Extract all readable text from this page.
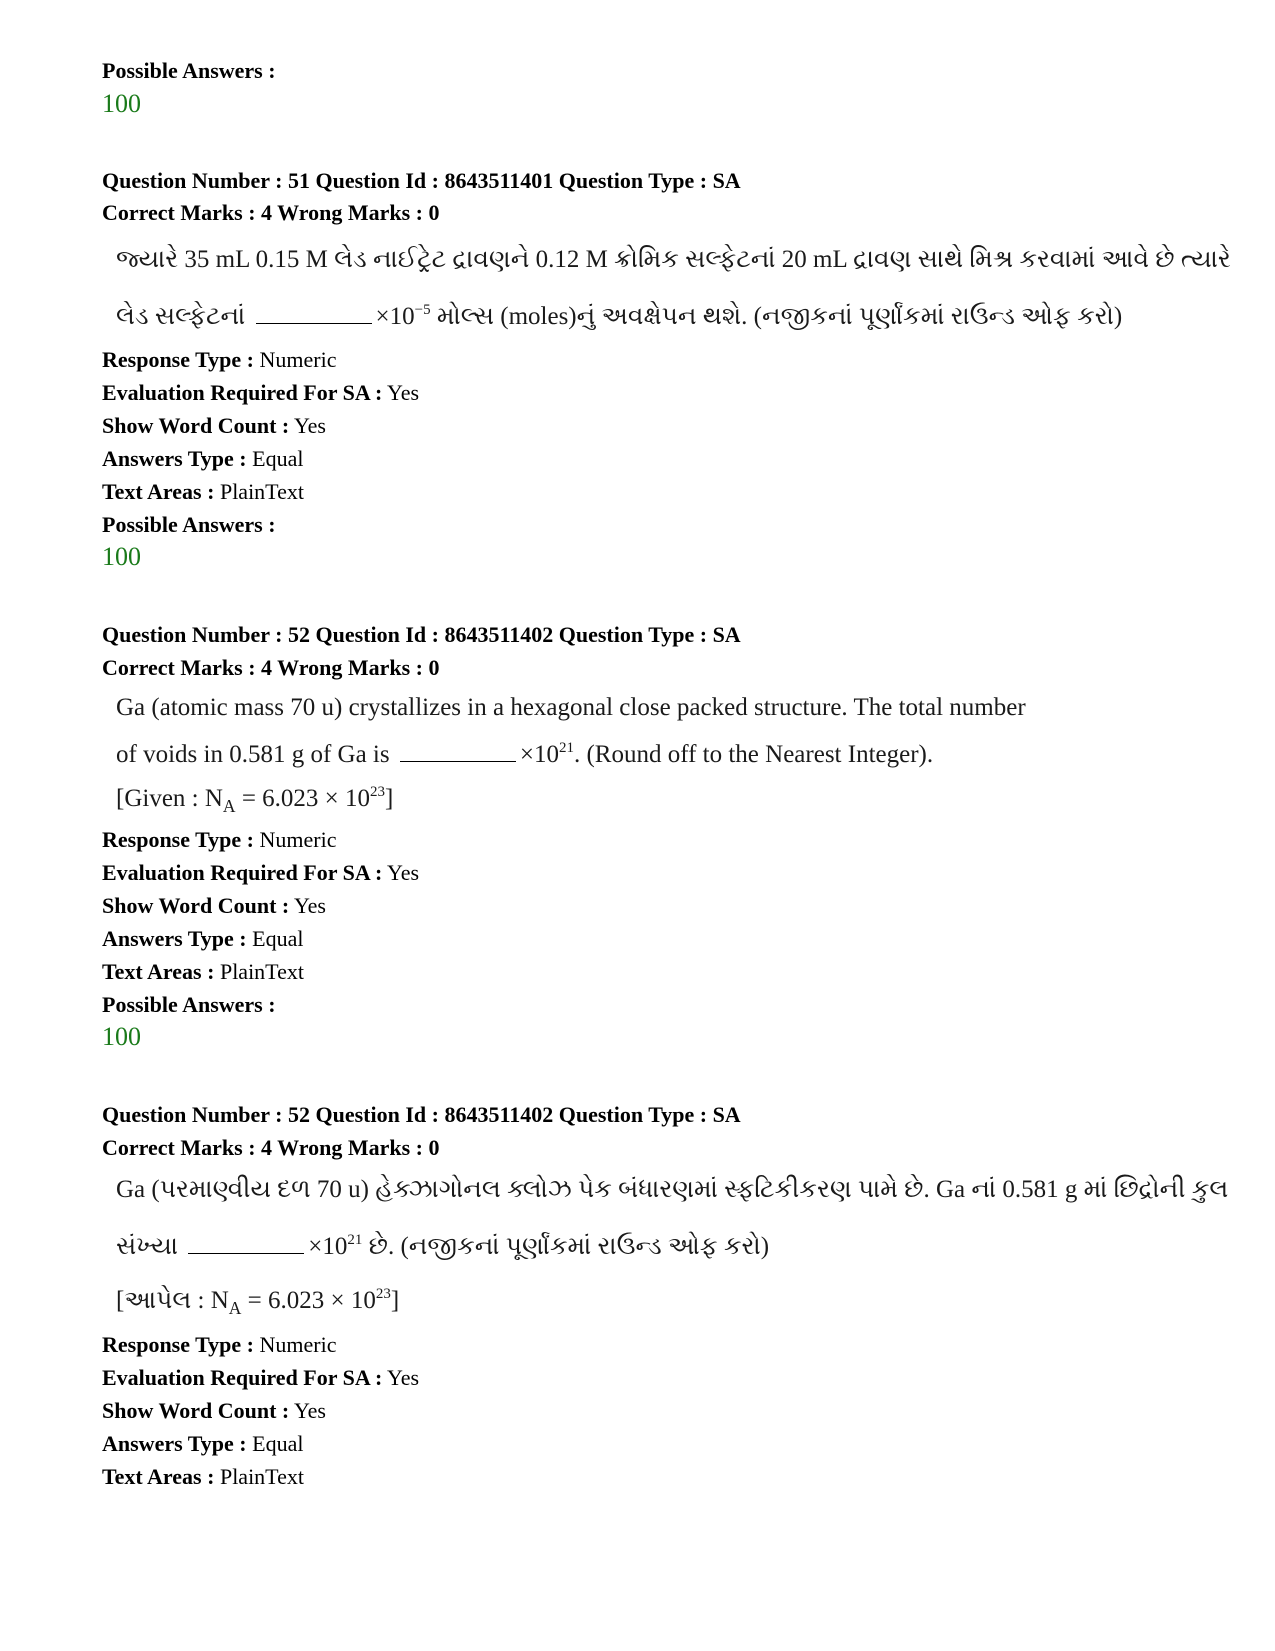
Possible Answers :
100
Question Number : 51 Question Id : 8643511401 Question Type : SA
Correct Marks : 4 Wrong Marks : 0
જ્યારે 35 mL 0.15 M લેડ નાઈટ્રેટ દ્રાવણને 0.12 M ક્રોમિક સલ્ફેટનાં 20 mL દ્રાવણ સાથે મિશ્ર કરવામાં આવે છે ત્યારે
લેડ સલ્ફેટનાં	$\times 10^{-5}$ મોલ્સ (moles)નું અવક્ષેપન થશે. (નજીકનાં પૂર્ણાંકમાં રાઉન્ડ ઓફ કરો)
Response Type : Numeric
Evaluation Required For SA : Yes
Show Word Count : Yes
Answers Type : Equal
Text Areas : PlainText
Possible Answers :
100
Question Number : 52 Question Id : 8643511402 Question Type : SA
Correct Marks : 4 Wrong Marks : 0
Ga (atomic mass 70 u) crystallizes in a hexagonal close packed structure. The total number
of voids in 0.581 g of Ga is	$\times 10^{21}$. (Round off to the Nearest Integer).
[Given : $N_A = 6.023 \times 10^{23}$]
Response Type : Numeric
Evaluation Required For SA : Yes
Show Word Count : Yes
Answers Type : Equal
Text Areas : PlainText
Possible Answers :
100
Question Number : 52 Question Id : 8643511402 Question Type : SA
Correct Marks : 4 Wrong Marks : 0
Ga (પરમાણ્વીય દળ 70 u) હેક્ઝાગોનલ ક્લોઝ પેક બંધારણમાં સ્ફટિકીકરણ પામે છે. Ga નાં 0.581 g માં છિદ્રોની કુલ
સંખ્યા	$\times 10^{21}$ છે. (નજીકનાં પૂર્ણાંકમાં રાઉન્ડ ઓફ કરો)
[આપેલ : $N_A = 6.023 \times 10^{23}$]
Response Type : Numeric
Evaluation Required For SA : Yes
Show Word Count : Yes
Answers Type : Equal
Text Areas : PlainText
